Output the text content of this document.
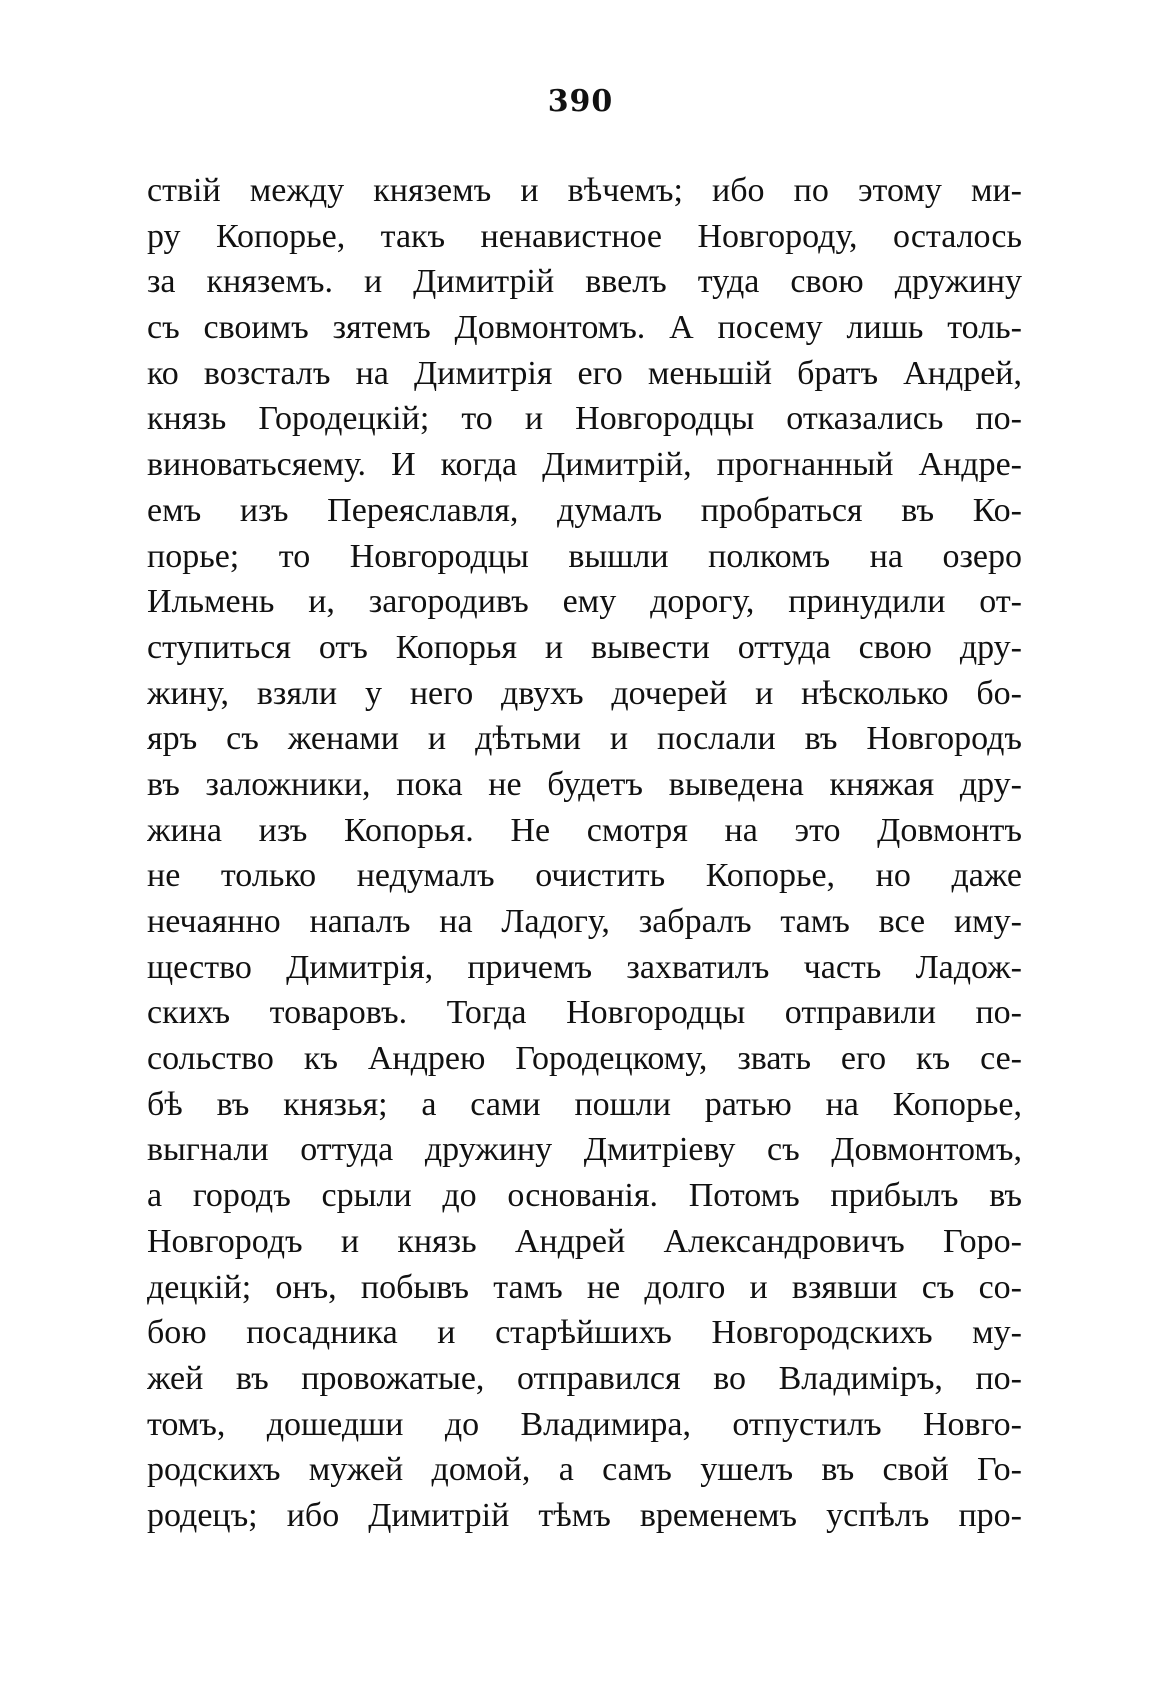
390
ствій между княземъ и вѣчемъ; ибо по этому ми-
ру Копорье, такъ ненавистное Новгороду, осталось
за княземъ. и Димитрій ввелъ туда свою дружину
съ своимъ зятемъ Довмонтомъ. А посему лишь толь-
ко возсталъ на Димитрія его меньшій братъ Андрей,
князь Городецкій; то и Новгородцы отказались по-
виноватьсяему. И когда Димитрій, прогнанный Андре-
емъ изъ Переяславля, думалъ пробраться въ Ко-
порье; то Новгородцы вышли полкомъ на озеро
Ильмень и, загородивъ ему дорогу, принудили от-
ступиться отъ Копорья и вывести оттуда свою дру-
жину, взяли у него двухъ дочерей и нѣсколько бо-
яръ съ женами и дѣтьми и послали въ Новгородъ
въ заложники, пока не будетъ выведена княжая дру-
жина изъ Копорья. Не смотря на это Довмонтъ
не только недумалъ очистить Копорье, но даже
нечаянно напалъ на Ладогу, забралъ тамъ все иму-
щество Димитрія, причемъ захватилъ часть Ладож-
скихъ товаровъ. Тогда Новгородцы отправили по-
сольство къ Андрею Городецкому, звать его къ се-
бѣ въ князья; а сами пошли ратью на Копорье,
выгнали оттуда дружину Дмитріеву съ Довмонтомъ,
а городъ срыли до основанія. Потомъ прибылъ въ
Новгородъ и князь Андрей Александровичъ Горо-
децкій; онъ, побывъ тамъ не долго и взявши съ со-
бою посадника и старѣйшихъ Новгородскихъ му-
жей въ провожатые, отправился во Владиміръ, по-
томъ, дошедши до Владимира, отпустилъ Новго-
родскихъ мужей домой, а самъ ушелъ въ свой Го-
родецъ; ибо Димитрій тѣмъ временемъ успѣлъ про-
